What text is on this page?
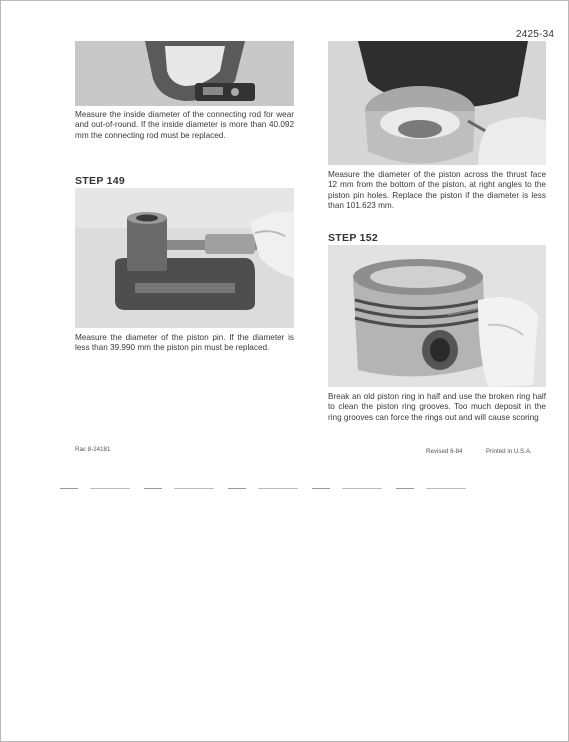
2425-34
Measure the inside diameter of the connecting rod for wear and out-of-round. If the inside diameter is more than 40.092 mm the connecting rod must be replaced.
STEP 149
Measure the diameter of the piston pin. If the diameter is less than 39.990 mm the piston pin must be replaced.
Rac 8-24181
Measure the diameter of the piston across the thrust face 12 mm from the bottom of the piston, at right angles to the piston pin holes. Replace the piston if the diameter is less than 101.623 mm.
STEP 152
Break an old piston ring in half and use the broken ring half to clean the piston ring grooves. Too much deposit in the ring grooves can force the rings out and will cause scoring
Revised 6-84	Printed in U.S.A.
